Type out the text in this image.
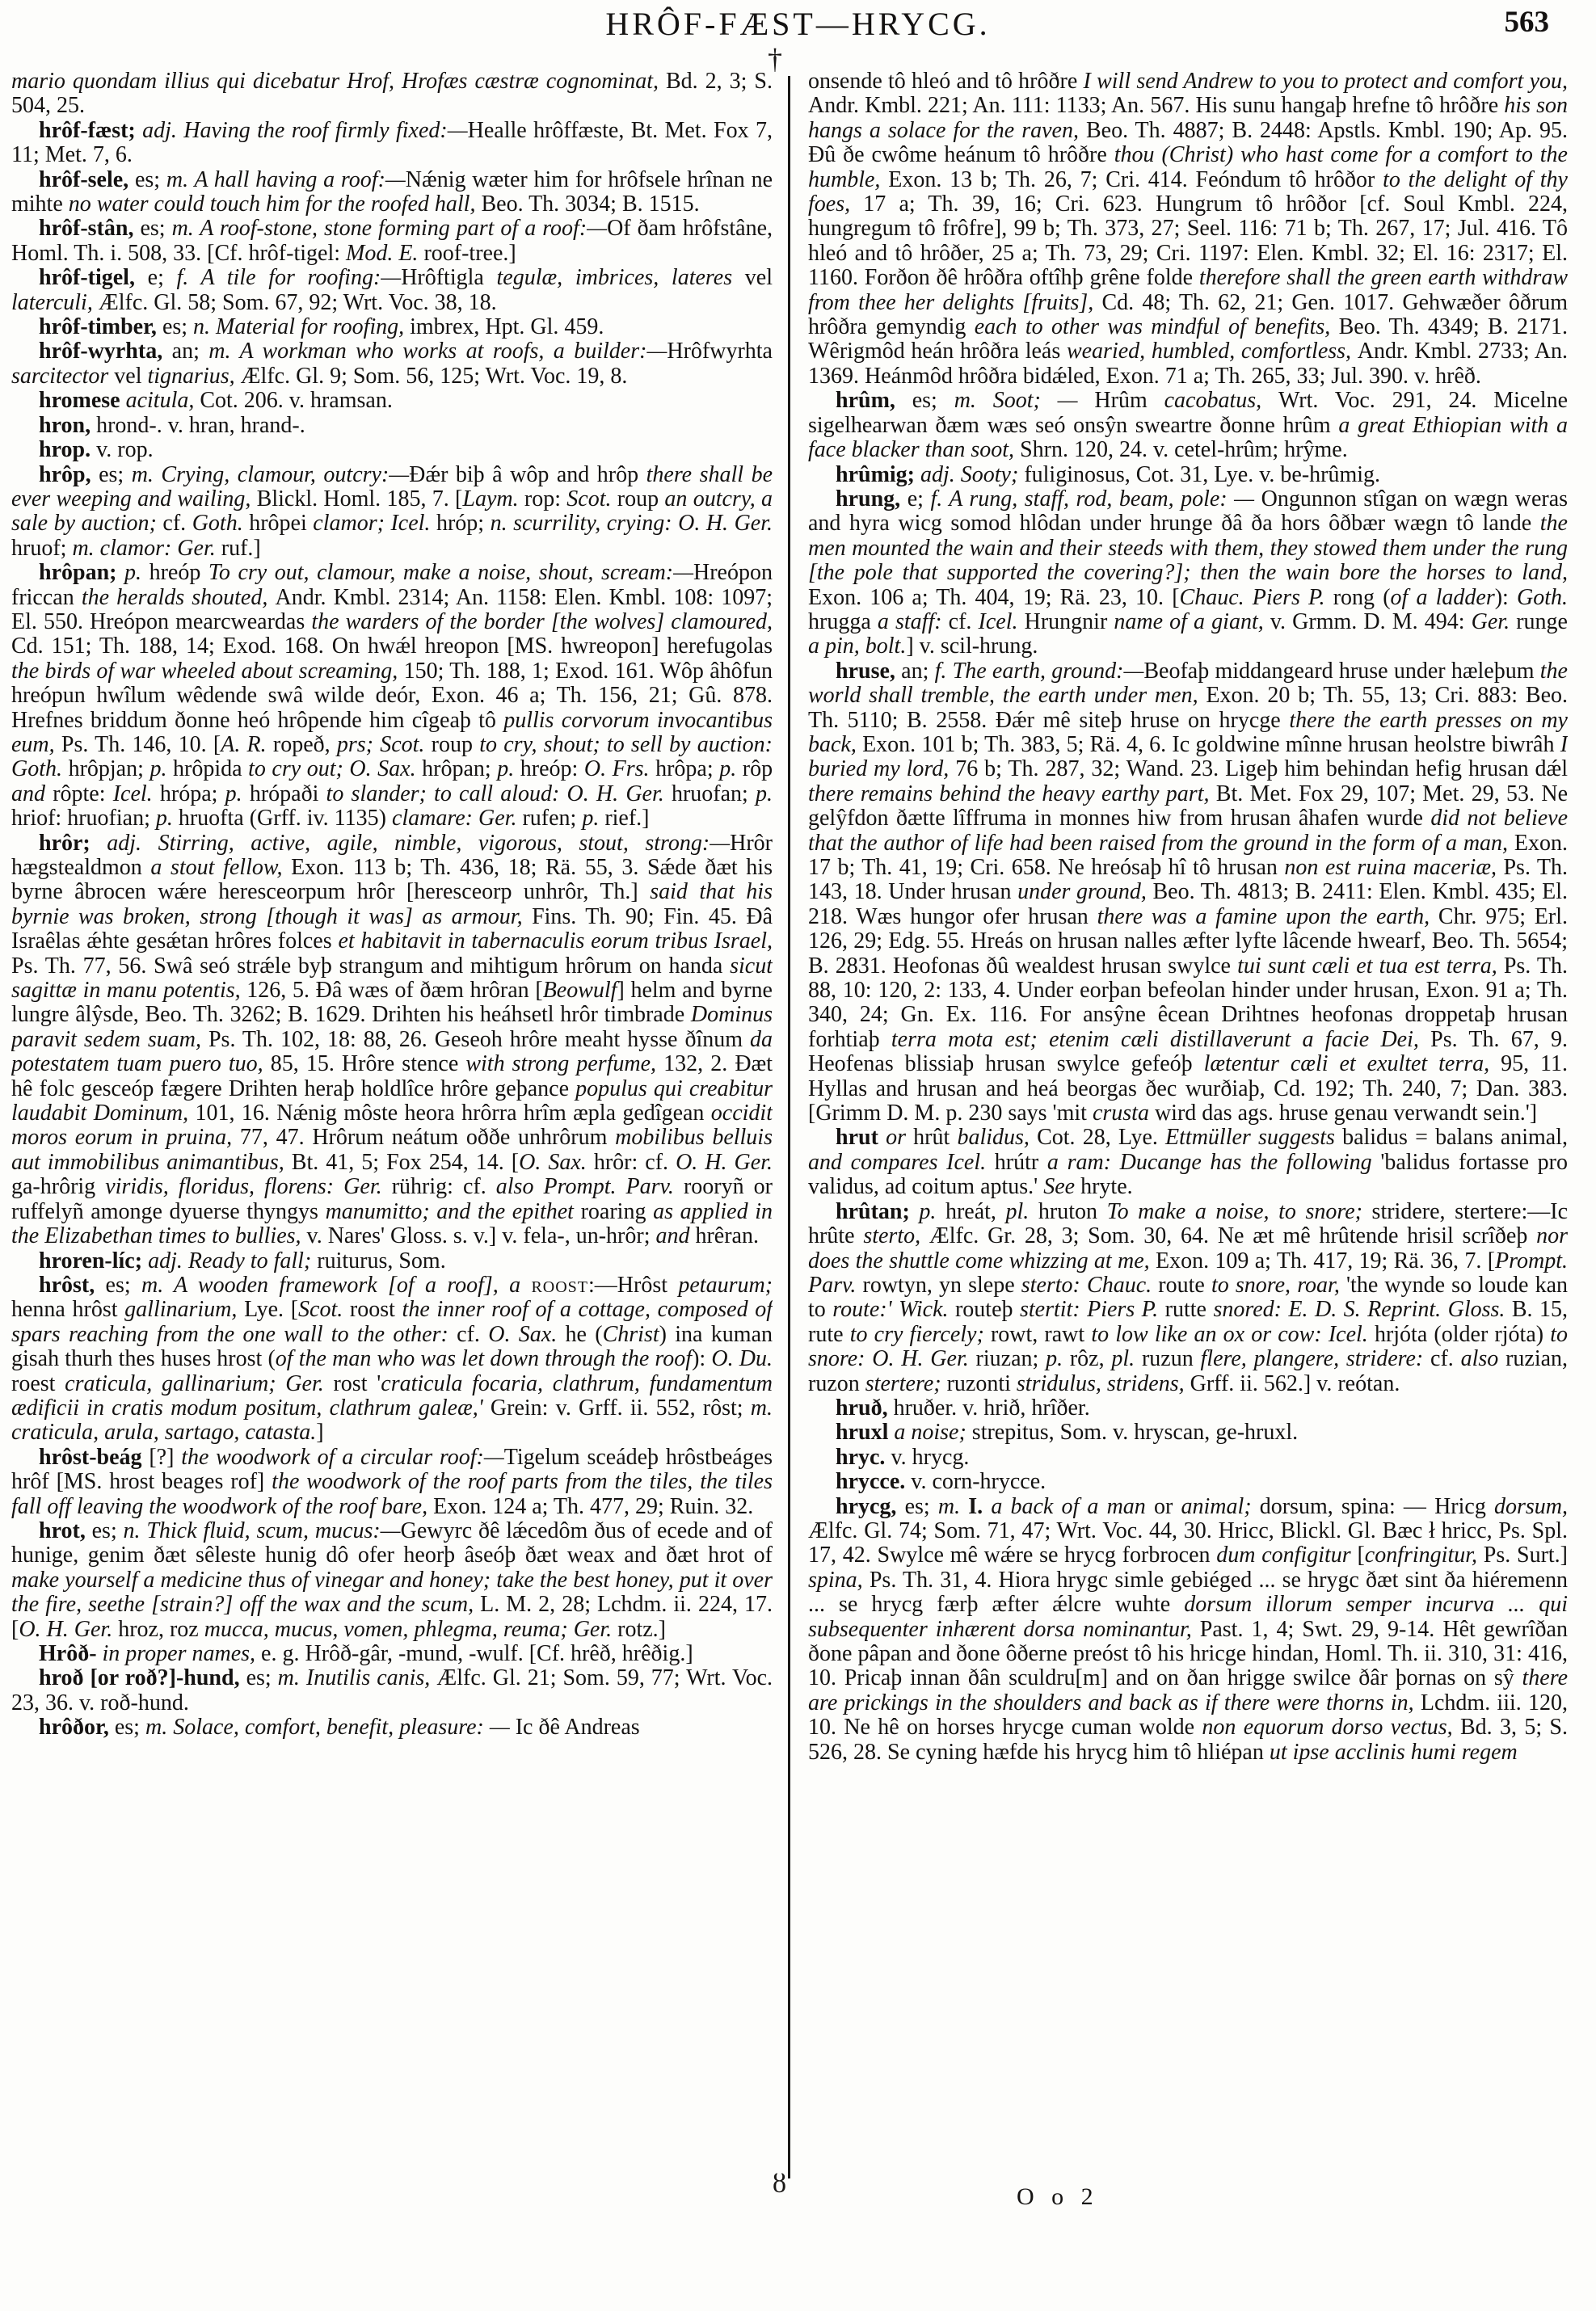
HRÔF-FÆST—HRYCG.	563
†
ȣ

mario quondam illius qui dicebatur Hrof, Hrofæs cæstræ cognominat, Bd. 2, 3; S. 504, 25.

hrôf-fæst; adj. Having the roof firmly fixed:—Healle hrôffæste, Bt. Met. Fox 7, 11; Met. 7, 6.

hrôf-sele, es; m. A hall having a roof:—Nǽnig wæter him for hrôfsele hrînan ne mihte no water could touch him for the roofed hall, Beo. Th. 3034; B. 1515.

hrôf-stân, es; m. A roof-stone, stone forming part of a roof:—Of ðam hrôfstâne, Homl. Th. i. 508, 33. [Cf. hrôf-tigel: Mod. E. roof-tree.]

hrôf-tigel, e; f. A tile for roofing:—Hrôftigla tegulæ, imbrices, lateres vel laterculi, Ælfc. Gl. 58; Som. 67, 92; Wrt. Voc. 38, 18.

hrôf-timber, es; n. Material for roofing, imbrex, Hpt. Gl. 459.

hrôf-wyrhta, an; m. A workman who works at roofs, a builder:—Hrôfwyrhta sarcitector vel tignarius, Ælfc. Gl. 9; Som. 56, 125; Wrt. Voc. 19, 8.

hromese acitula, Cot. 206. v. hramsan.

hron, hrond-. v. hran, hrand-.

hrop. v. rop.

hrôp, es; m. Crying, clamour, outcry:—Ðǽr biþ â wôp and hrôp there shall be ever weeping and wailing, Blickl. Homl. 185, 7. [Laym. rop: Scot. roup an outcry, a sale by auction; cf. Goth. hrôpei clamor; Icel. hróp; n. scurrility, crying: O. H. Ger. hruof; m. clamor: Ger. ruf.]

hrôpan; p. hreóp To cry out, clamour, make a noise, shout, scream:—Hreópon friccan the heralds shouted, Andr. Kmbl. 2314; An. 1158: Elen. Kmbl. 108: 1097; El. 550. Hreópon mearcweardas the warders of the border [the wolves] clamoured, Cd. 151; Th. 188, 14; Exod. 168. On hwǽl hreopon [MS. hwreopon] herefugolas the birds of war wheeled about screaming, 150; Th. 188, 1; Exod. 161. Wôp âhôfun hreópun hwîlum wêdende swâ wilde deór, Exon. 46 a; Th. 156, 21; Gû. 878. Hrefnes briddum ðonne heó hrôpende him cîgeaþ tô pullis corvorum invocantibus eum, Ps. Th. 146, 10. [A. R. ropeð, prs; Scot. roup to cry, shout; to sell by auction: Goth. hrôpjan; p. hrôpida to cry out; O. Sax. hrôpan; p. hreóp: O. Frs. hrôpa; p. rôp and rôpte: Icel. hrópa; p. hrópaði to slander; to call aloud: O. H. Ger. hruofan; p. hriof: hruofian; p. hruofta (Grff. iv. 1135) clamare: Ger. rufen; p. rief.]

hrôr; adj. Stirring, active, agile, nimble, vigorous, stout, strong:—Hrôr hægstealdmon a stout fellow, Exon. 113 b; Th. 436, 18; Rä. 55, 3. Sǽde ðæt his byrne âbrocen wǽre heresceorpum hrôr [heresceorp unhrôr, Th.] said that his byrnie was broken, strong [though it was] as armour, Fins. Th. 90; Fin. 45. Ðâ Israêlas ǽhte gesǽtan hrôres folces et habitavit in tabernaculis eorum tribus Israel, Ps. Th. 77, 56. Swâ seó strǽle byþ strangum and mihtigum hrôrum on handa sicut sagittæ in manu potentis, 126, 5. Ðâ wæs of ðæm hrôran [Beowulf] helm and byrne lungre âlŷsde, Beo. Th. 3262; B. 1629. Drihten his heáhsetl hrôr timbrade Dominus paravit sedem suam, Ps. Th. 102, 18: 88, 26. Geseoh hrôre meaht hysse ðînum da potestatem tuam puero tuo, 85, 15. Hrôre stence with strong perfume, 132, 2. Ðæt hê folc gesceóp fægere Drihten heraþ holdlîce hrôre geþance populus qui creabitur laudabit Dominum, 101, 16. Nǽnig môste heora hrôrra hrîm æpla gedîgean occidit moros eorum in pruina, 77, 47. Hrôrum neátum oððe unhrôrum mobilibus belluis aut immobilibus animantibus, Bt. 41, 5; Fox 254, 14. [O. Sax. hrôr: cf. O. H. Ger. ga-hrôrig viridis, floridus, florens: Ger. rührig: cf. also Prompt. Parv. rooryñ or ruffelyñ amonge dyuerse thyngys manumitto; and the epithet roaring as applied in the Elizabethan times to bullies, v. Nares' Gloss. s. v.] v. fela-, un-hrôr; and hrêran.

hroren-líc; adj. Ready to fall; ruiturus, Som.

hrôst, es; m. A wooden framework [of a roof], a roost:—Hrôst petaurum; henna hrôst gallinarium, Lye. [Scot. roost the inner roof of a cottage, composed of spars reaching from the one wall to the other: cf. O. Sax. he (Christ) ina kuman gisah thurh thes huses hrost (of the man who was let down through the roof): O. Du. roest craticula, gallinarium; Ger. rost 'craticula focaria, clathrum, fundamentum ædificii in cratis modum positum, clathrum galeæ,' Grein: v. Grff. ii. 552, rôst; m. craticula, arula, sartago, catasta.]

hrôst-beág [?] the woodwork of a circular roof:—Tigelum sceádeþ hrôstbeáges hrôf [MS. hrost beages rof] the woodwork of the roof parts from the tiles, the tiles fall off leaving the woodwork of the roof bare, Exon. 124 a; Th. 477, 29; Ruin. 32.

hrot, es; n. Thick fluid, scum, mucus:—Gewyrc ðê lǽcedôm ðus of ecede and of hunige, genim ðæt sêleste hunig dô ofer heorþ âseóþ ðæt weax and ðæt hrot of make yourself a medicine thus of vinegar and honey; take the best honey, put it over the fire, seethe [strain?] off the wax and the scum, L. M. 2, 28; Lchdm. ii. 224, 17. [O. H. Ger. hroz, roz mucca, mucus, vomen, phlegma, reuma; Ger. rotz.]

Hrôð- in proper names, e. g. Hrôð-gâr, -mund, -wulf. [Cf. hrêð, hrêðig.]

hroð [or roð?]-hund, es; m. Inutilis canis, Ælfc. Gl. 21; Som. 59, 77; Wrt. Voc. 23, 36. v. roð-hund.

hrôðor, es; m. Solace, comfort, benefit, pleasure: — Ic ðê Andreas

onsende tô hleó and tô hrôðre I will send Andrew to you to protect and comfort you, Andr. Kmbl. 221; An. 111: 1133; An. 567. His sunu hangaþ hrefne tô hrôðre his son hangs a solace for the raven, Beo. Th. 4887; B. 2448: Apstls. Kmbl. 190; Ap. 95. Ðû ðe cwôme heánum tô hrôðre thou (Christ) who hast come for a comfort to the humble, Exon. 13 b; Th. 26, 7; Cri. 414. Feóndum tô hrôðor to the delight of thy foes, 17 a; Th. 39, 16; Cri. 623. Hungrum tô hrôðor [cf. Soul Kmbl. 224, hungregum tô frôfre], 99 b; Th. 373, 27; Seel. 116: 71 b; Th. 267, 17; Jul. 416. Tô hleó and tô hrôðer, 25 a; Th. 73, 29; Cri. 1197: Elen. Kmbl. 32; El. 16: 2317; El. 1160. Forðon ðê hrôðra oftîhþ grêne folde therefore shall the green earth withdraw from thee her delights [fruits], Cd. 48; Th. 62, 21; Gen. 1017. Gehwæðer ôðrum hrôðra gemyndig each to other was mindful of benefits, Beo. Th. 4349; B. 2171. Wêrigmôd heán hrôðra leás wearied, humbled, comfortless, Andr. Kmbl. 2733; An. 1369. Heánmôd hrôðra bidǽled, Exon. 71 a; Th. 265, 33; Jul. 390. v. hrêð.

hrûm, es; m. Soot; — Hrûm cacobatus, Wrt. Voc. 291, 24. Micelne sigelhearwan ðæm wæs seó onsŷn sweartre ðonne hrûm a great Ethiopian with a face blacker than soot, Shrn. 120, 24. v. cetel-hrûm; hrŷme.

hrûmig; adj. Sooty; fuliginosus, Cot. 31, Lye. v. be-hrûmig.

hrung, e; f. A rung, staff, rod, beam, pole: — Ongunnon stîgan on wægn weras and hyra wicg somod hlôdan under hrunge ðâ ða hors ôðbær wægn tô lande the men mounted the wain and their steeds with them, they stowed them under the rung [the pole that supported the covering?]; then the wain bore the horses to land, Exon. 106 a; Th. 404, 19; Rä. 23, 10. [Chauc. Piers P. rong (of a ladder): Goth. hrugga a staff: cf. Icel. Hrungnir name of a giant, v. Grmm. D. M. 494: Ger. runge a pin, bolt.] v. scil-hrung.

hruse, an; f. The earth, ground:—Beofaþ middangeard hruse under hæleþum the world shall tremble, the earth under men, Exon. 20 b; Th. 55, 13; Cri. 883: Beo. Th. 5110; B. 2558. Ðǽr mê siteþ hruse on hrycge there the earth presses on my back, Exon. 101 b; Th. 383, 5; Rä. 4, 6. Ic goldwine mînne hrusan heolstre biwrâh I buried my lord, 76 b; Th. 287, 32; Wand. 23. Ligeþ him behindan hefig hrusan dǽl there remains behind the heavy earthy part, Bt. Met. Fox 29, 107; Met. 29, 53. Ne gelŷfdon ðætte lîffruma in monnes hiw from hrusan âhafen wurde did not believe that the author of life had been raised from the ground in the form of a man, Exon. 17 b; Th. 41, 19; Cri. 658. Ne hreósaþ hî tô hrusan non est ruina maceriæ, Ps. Th. 143, 18. Under hrusan under ground, Beo. Th. 4813; B. 2411: Elen. Kmbl. 435; El. 218. Wæs hungor ofer hrusan there was a famine upon the earth, Chr. 975; Erl. 126, 29; Edg. 55. Hreás on hrusan nalles æfter lyfte lâcende hwearf, Beo. Th. 5654; B. 2831. Heofonas ðû wealdest hrusan swylce tui sunt cæli et tua est terra, Ps. Th. 88, 10: 120, 2: 133, 4. Under eorþan befeolan hinder under hrusan, Exon. 91 a; Th. 340, 24; Gn. Ex. 116. For ansŷne êcean Drihtnes heofonas droppetaþ hrusan forhtiaþ terra mota est; etenim cæli distillaverunt a facie Dei, Ps. Th. 67, 9. Heofenas blissiaþ hrusan swylce gefeóþ lætentur cæli et exultet terra, 95, 11. Hyllas and hrusan and heá beorgas ðec wurðiaþ, Cd. 192; Th. 240, 7; Dan. 383. [Grimm D. M. p. 230 says 'mit crusta wird das ags. hruse genau verwandt sein.']

hrut or hrût balidus, Cot. 28, Lye. Ettmüller suggests balidus = balans animal, and compares Icel. hrútr a ram: Ducange has the following 'balidus fortasse pro validus, ad coitum aptus.' See hryte.

hrûtan; p. hreát, pl. hruton To make a noise, to snore; stridere, stertere:—Ic hrûte sterto, Ælfc. Gr. 28, 3; Som. 30, 64. Ne æt mê hrûtende hrisil scrîðeþ nor does the shuttle come whizzing at me, Exon. 109 a; Th. 417, 19; Rä. 36, 7. [Prompt. Parv. rowtyn, yn slepe sterto: Chauc. route to snore, roar, 'the wynde so loude kan to route:' Wick. routeþ stertit: Piers P. rutte snored: E. D. S. Reprint. Gloss. B. 15, rute to cry fiercely; rowt, rawt to low like an ox or cow: Icel. hrjóta (older rjóta) to snore: O. H. Ger. riuzan; p. rôz, pl. ruzun flere, plangere, stridere: cf. also ruzian, ruzon stertere; ruzonti stridulus, stridens, Grff. ii. 562.] v. reótan.

hruð, hruðer. v. hrið, hrîðer.

hruxl a noise; strepitus, Som. v. hryscan, ge-hruxl.

hryc. v. hrycg.

hrycce. v. corn-hrycce.

hrycg, es; m. I. a back of a man or animal; dorsum, spina: — Hricg dorsum, Ælfc. Gl. 74; Som. 71, 47; Wrt. Voc. 44, 30. Hricc, Blickl. Gl. Bæc ł hricc, Ps. Spl. 17, 42. Swylce mê wǽre se hrycg forbrocen dum configitur [confringitur, Ps. Surt.] spina, Ps. Th. 31, 4. Hiora hrygc simle gebiéged ... se hrygc ðæt sint ða hiéremenn ... se hrycg færþ æfter ǽlcre wuhte dorsum illorum semper incurva ... qui subsequenter inhærent dorsa nominantur, Past. 1, 4; Swt. 29, 9-14. Hêt gewrîðan ðone pâpan and ðone ôðerne preóst tô his hricge hindan, Homl. Th. ii. 310, 31: 416, 10. Pricaþ innan ðân sculdru[m] and on ðan hrigge swilce ðâr þornas on sŷ there are prickings in the shoulders and back as if there were thorns in, Lchdm. iii. 120, 10. Ne hê on horses hrycge cuman wolde non equorum dorso vectus, Bd. 3, 5; S. 526, 28. Se cyning hæfde his hrycg him tô hliépan ut ipse acclinis humi regem

O o 2
